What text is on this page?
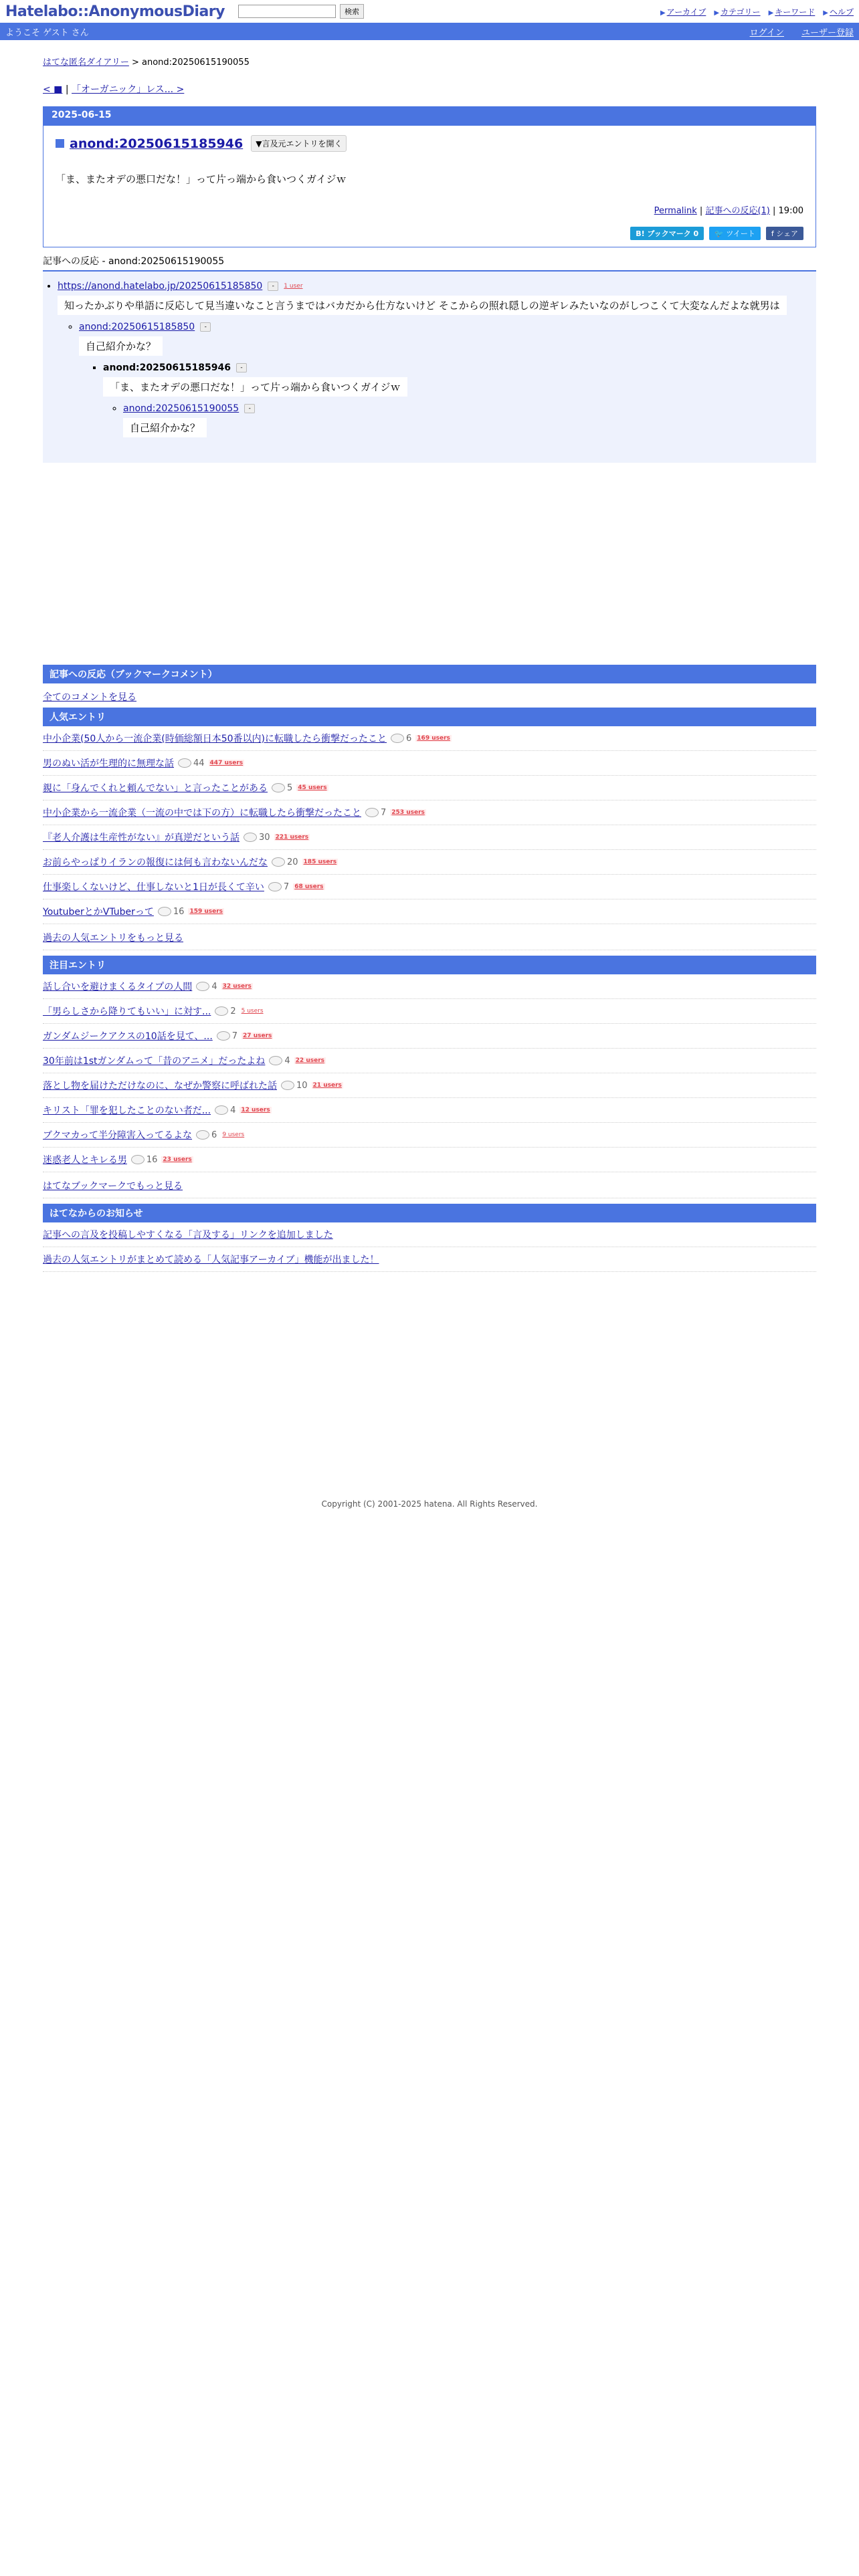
Hatelabo::AnonymousDiary	検索	▶ アーカイブ ▶ カテゴリー ▶ キーワード ▶ ヘルプ
ようこそ ゲスト さん	ログイン ユーザー登録
はてな匿名ダイアリー > anond:20250615190055
< ■ | 「オーガニック」レス... >
2025-06-15
anond:20250615185946	▼言及元エントリを開く
「ま、またオデの悪口だな！」って片っ端から食いつくガイジｗ
Permalink | 記事への反応(1) | 19:00
B! ブックマーク 0	🐦 ツイート f シェア
記事への反応 - anond:20250615190055
• https://anond.hatelabo.jp/20250615185850	-	1 user
知ったかぶりや単語に反応して見当違いなこと言うまではバカだから仕方ないけど そこからの照れ隠しの逆ギレみたいなのがしつこくて大変なんだよな就男は
◦ anond:20250615185850	-
自己紹介かな？
▪ anond:20250615185946	-
「ま、またオデの悪口だな！」って片っ端から食いつくガイジｗ
◦ anond:20250615190055	-
自己紹介かな？
記事への反応（ブックマークコメント）
全てのコメントを見る
人気エントリ
中小企業(50人から一流企業(時価総額日本50番以内)に転職したら衝撃だったこと 6 169 users
男のぬい活が生理的に無理な話 44 447 users
親に「身んでくれと頼んでない」と言ったことがある 5 45 users
中小企業から一流企業（一流の中では下の方）に転職したら衝撃だったこと 7 253 users
『老人介護は生産性がない』が真逆だという話 30 221 users
お前らやっぱりイランの報復には何も言わないんだな 20 185 users
仕事楽しくないけど、仕事しないと1日が長くて辛い 7 68 users
YoutuberとかVTuberって 16 159 users
過去の人気エントリをもっと見る
注目エントリ
話し合いを避けまくるタイプの人間 4 32 users
「男らしさから降りてもいい」に対す... 2 5 users
ガンダムジークアクスの10話を見て、... 7 27 users
30年前は1stガンダムって「昔のアニメ」だったよね 4 22 users
落とし物を届けただけなのに、なぜか警察に呼ばれた話 10 21 users
キリスト「罪を犯したことのない者だ... 4 12 users
ブクマカって半分障害入ってるよな 6 9 users
迷惑老人とキレる男 16 23 users
はてなブックマークでもっと見る
はてなからのお知らせ
記事への言及を投稿しやすくなる「言及する」リンクを追加しました
過去の人気エントリがまとめて読める「人気記事アーカイブ」機能が出ました！
Copyright (C) 2001-2025 hatena. All Rights Reserved.
